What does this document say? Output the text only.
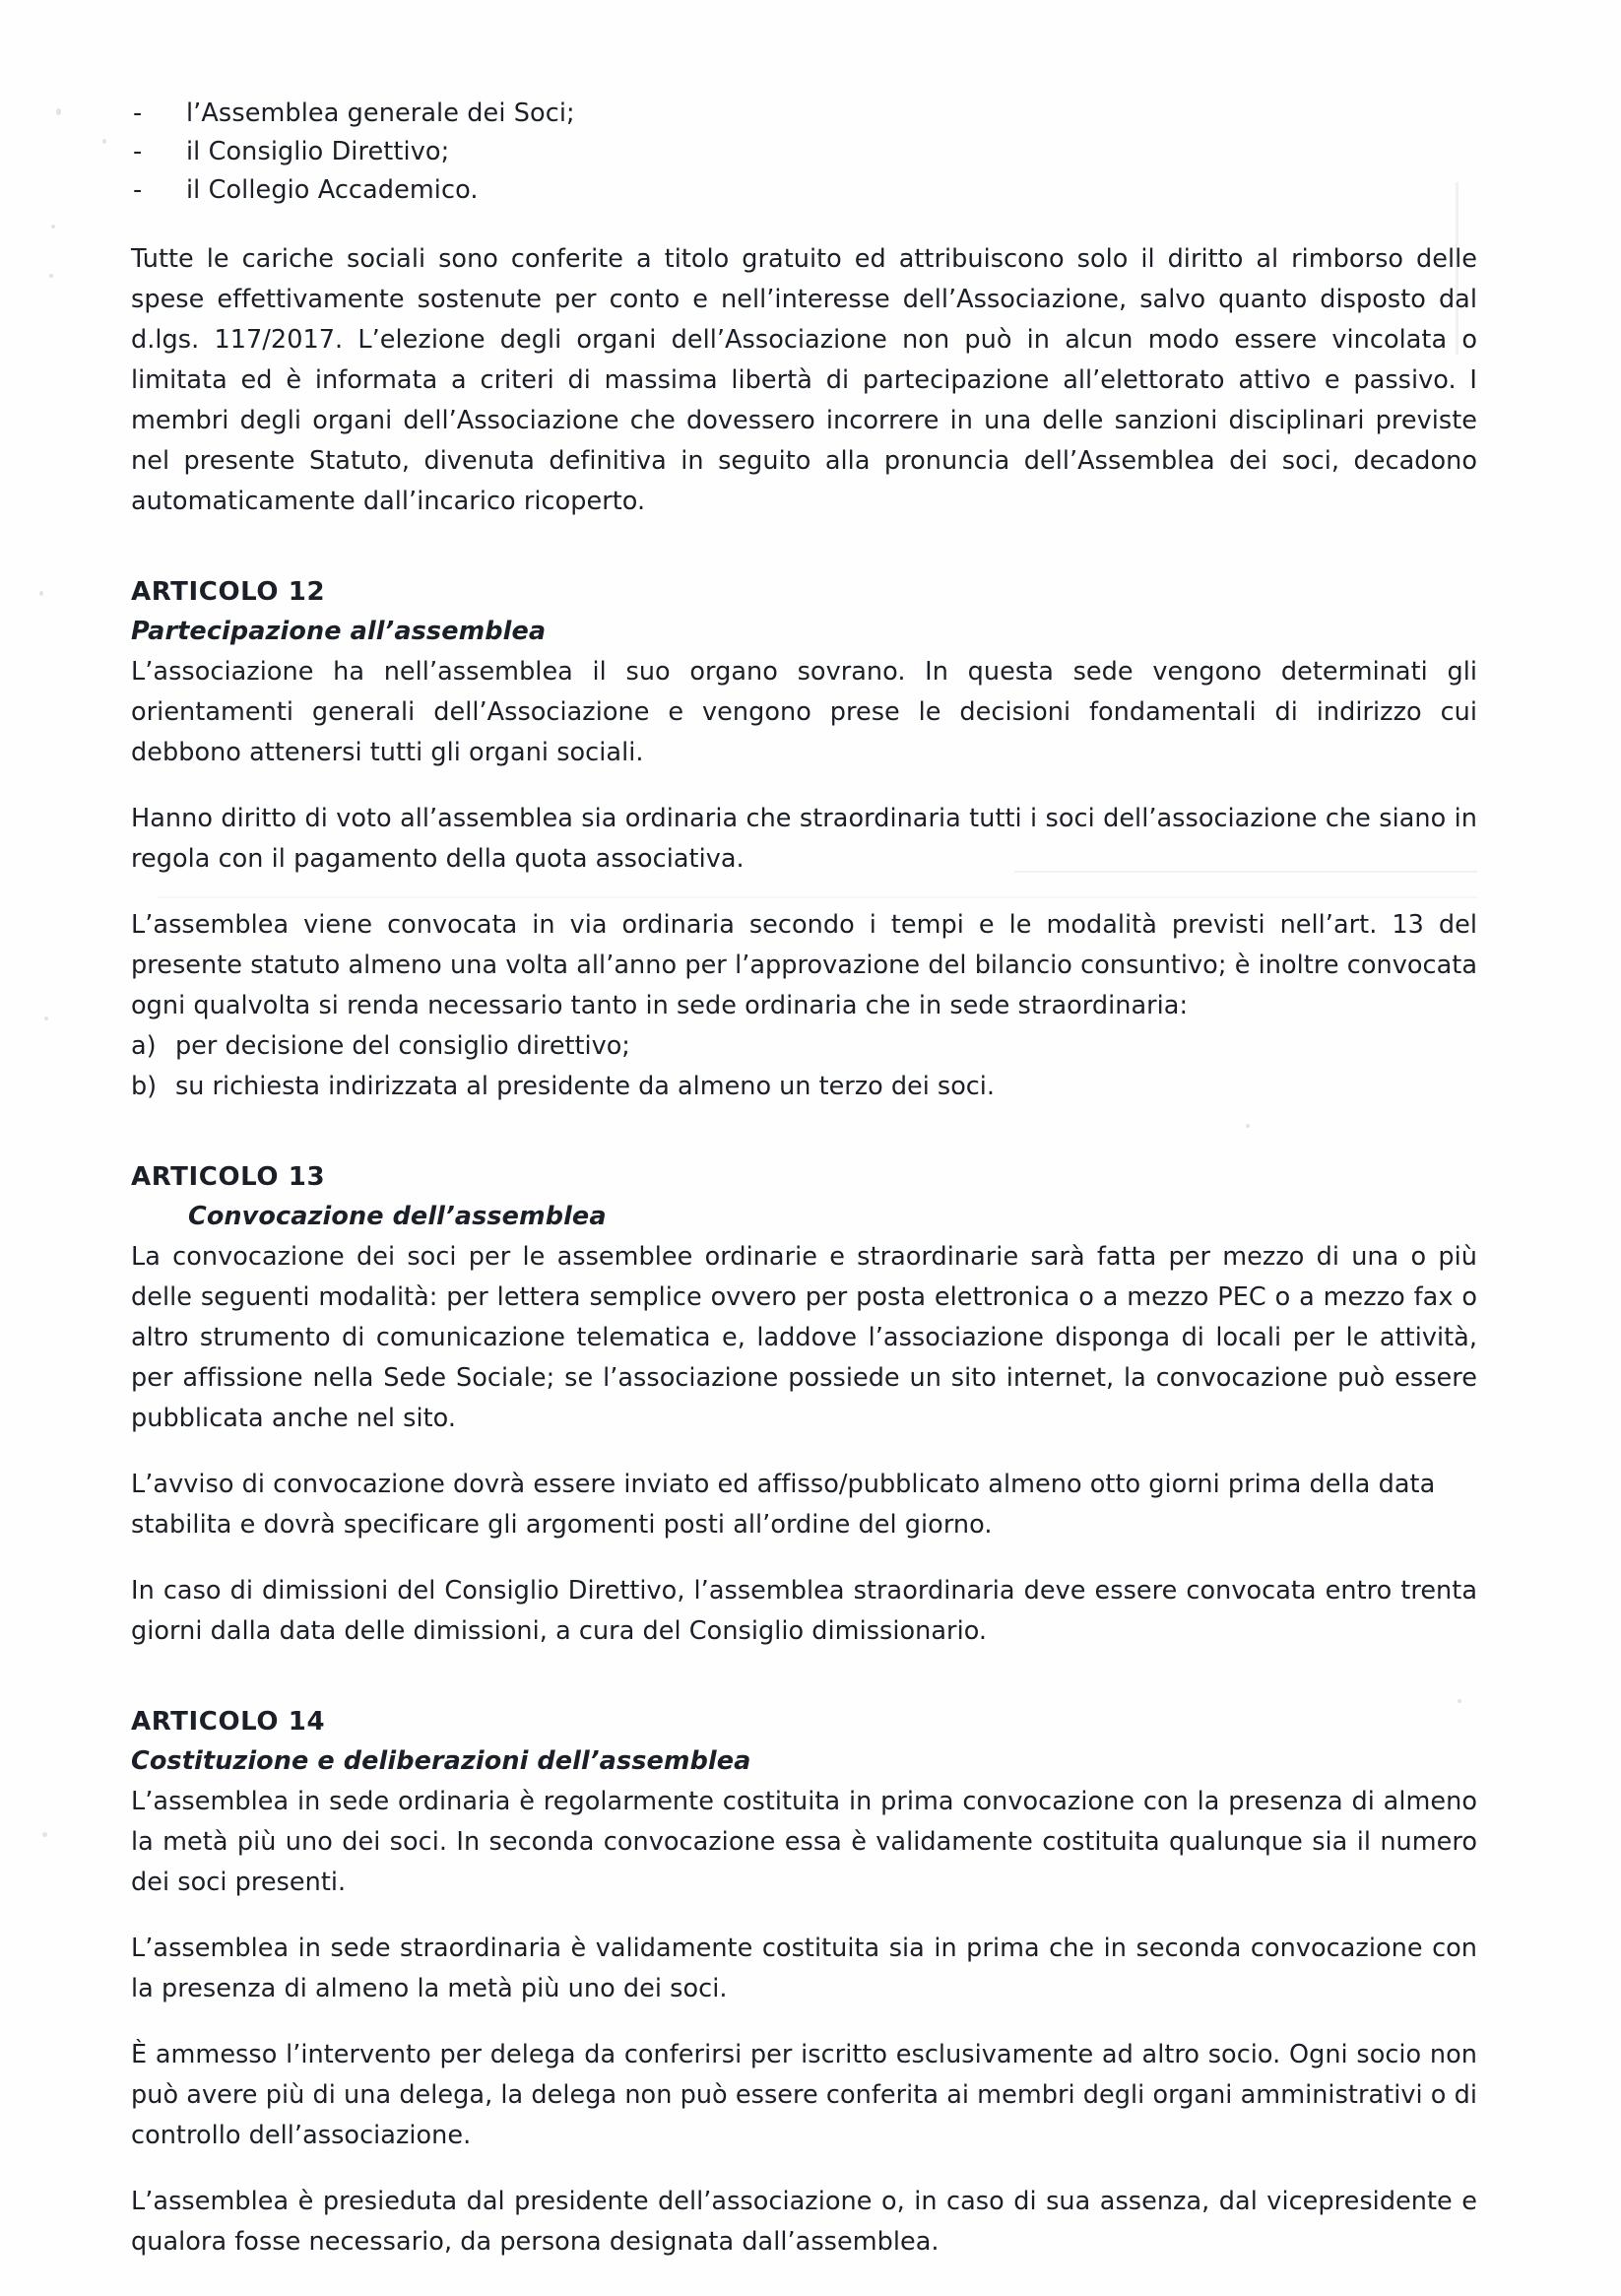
- l’Assemblea generale dei Soci;
- il Consiglio Direttivo;
- il Collegio Accademico.

Tutte le cariche sociali sono conferite a titolo gratuito ed attribuiscono solo il diritto al rimborso delle spese effettivamente sostenute per conto e nell’interesse dell’Associazione, salvo quanto disposto dal d.lgs. 117/2017. L’elezione degli organi dell’Associazione non può in alcun modo essere vincolata o limitata ed è informata a criteri di massima libertà di partecipazione all’elettorato attivo e passivo. I membri degli organi dell’Associazione che dovessero incorrere in una delle sanzioni disciplinari previste nel presente Statuto, divenuta definitiva in seguito alla pronuncia dell’Assemblea dei soci, decadono automaticamente dall’incarico ricoperto.

ARTICOLO 12
Partecipazione all’assemblea

L’associazione ha nell’assemblea il suo organo sovrano. In questa sede vengono determinati gli orientamenti generali dell’Associazione e vengono prese le decisioni fondamentali di indirizzo cui debbono attenersi tutti gli organi sociali.

Hanno diritto di voto all’assemblea sia ordinaria che straordinaria tutti i soci dell’associazione che siano in regola con il pagamento della quota associativa.

L’assemblea viene convocata in via ordinaria secondo i tempi e le modalità previsti nell’art. 13 del presente statuto almeno una volta all’anno per l’approvazione del bilancio consuntivo; è inoltre convocata ogni qualvolta si renda necessario tanto in sede ordinaria che in sede straordinaria:

a) per decisione del consiglio direttivo;
b) su richiesta indirizzata al presidente da almeno un terzo dei soci.
ARTICOLO 13
Convocazione dell’assemblea

La convocazione dei soci per le assemblee ordinarie e straordinarie sarà fatta per mezzo di una o più delle seguenti modalità: per lettera semplice ovvero per posta elettronica o a mezzo PEC o a mezzo fax o altro strumento di comunicazione telematica e, laddove l’associazione disponga di locali per le attività, per affissione nella Sede Sociale; se l’associazione possiede un sito internet, la convocazione può essere pubblicata anche nel sito.

L’avviso di convocazione dovrà essere inviato ed affisso/pubblicato almeno otto giorni prima della data stabilita e dovrà specificare gli argomenti posti all’ordine del giorno.

In caso di dimissioni del Consiglio Direttivo, l’assemblea straordinaria deve essere convocata entro trenta giorni dalla data delle dimissioni, a cura del Consiglio dimissionario.

ARTICOLO 14
Costituzione e deliberazioni dell’assemblea

L’assemblea in sede ordinaria è regolarmente costituita in prima convocazione con la presenza di almeno la metà più uno dei soci. In seconda convocazione essa è validamente costituita qualunque sia il numero dei soci presenti.

L’assemblea in sede straordinaria è validamente costituita sia in prima che in seconda convocazione con la presenza di almeno la metà più uno dei soci.

È ammesso l’intervento per delega da conferirsi per iscritto esclusivamente ad altro socio. Ogni socio non può avere più di una delega, la delega non può essere conferita ai membri degli organi amministrativi o di controllo dell’associazione.

L’assemblea è presieduta dal presidente dell’associazione o, in caso di sua assenza, dal vicepresidente e qualora fosse necessario, da persona designata dall’assemblea.
